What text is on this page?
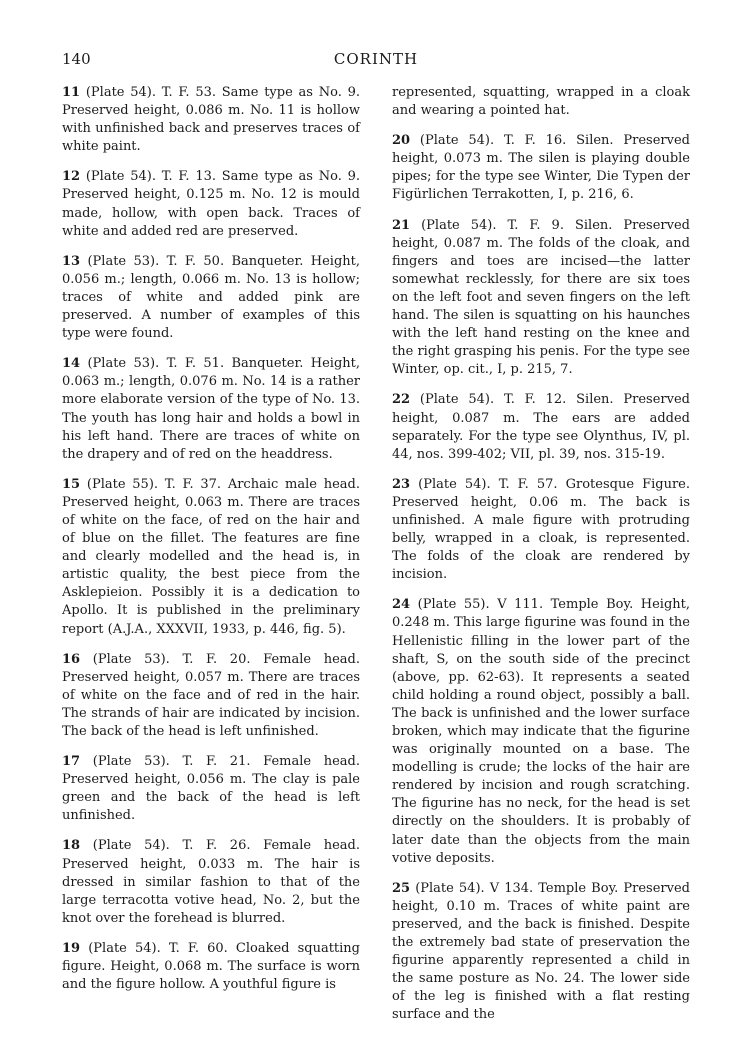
140	CORINTH

11 (Plate 54). T. F. 53. Same type as No. 9. Preserved height, 0.086 m. No. 11 is hollow with unfinished back and preserves traces of white paint.

12 (Plate 54). T. F. 13. Same type as No. 9. Preserved height, 0.125 m. No. 12 is mould made, hollow, with open back. Traces of white and added red are preserved.

13 (Plate 53). T. F. 50. Banqueter. Height, 0.056 m.; length, 0.066 m. No. 13 is hollow; traces of white and added pink are preserved. A number of examples of this type were found.

14 (Plate 53). T. F. 51. Banqueter. Height, 0.063 m.; length, 0.076 m. No. 14 is a rather more elaborate version of the type of No. 13. The youth has long hair and holds a bowl in his left hand. There are traces of white on the drapery and of red on the headdress.

15 (Plate 55). T. F. 37. Archaic male head. Preserved height, 0.063 m. There are traces of white on the face, of red on the hair and of blue on the fillet. The features are fine and clearly modelled and the head is, in artistic quality, the best piece from the Asklepieion. Possibly it is a dedication to Apollo. It is published in the preliminary report (A.J.A., XXXVII, 1933, p. 446, fig. 5).

16 (Plate 53). T. F. 20. Female head. Preserved height, 0.057 m. There are traces of white on the face and of red in the hair. The strands of hair are indicated by incision. The back of the head is left unfinished.

17 (Plate 53). T. F. 21. Female head. Preserved height, 0.056 m. The clay is pale green and the back of the head is left unfinished.

18 (Plate 54). T. F. 26. Female head. Preserved height, 0.033 m. The hair is dressed in similar fashion to that of the large terracotta votive head, No. 2, but the knot over the forehead is blurred.

19 (Plate 54). T. F. 60. Cloaked squatting figure. Height, 0.068 m. The surface is worn and the figure hollow. A youthful figure is

represented, squatting, wrapped in a cloak and wearing a pointed hat.

20 (Plate 54). T. F. 16. Silen. Preserved height, 0.073 m. The silen is playing double pipes; for the type see Winter, Die Typen der Figürlichen Terrakotten, I, p. 216, 6.

21 (Plate 54). T. F. 9. Silen. Preserved height, 0.087 m. The folds of the cloak, and fingers and toes are incised—the latter somewhat recklessly, for there are six toes on the left foot and seven fingers on the left hand. The silen is squatting on his haunches with the left hand resting on the knee and the right grasping his penis. For the type see Winter, op. cit., I, p. 215, 7.

22 (Plate 54). T. F. 12. Silen. Preserved height, 0.087 m. The ears are added separately. For the type see Olynthus, IV, pl. 44, nos. 399-402; VII, pl. 39, nos. 315-19.

23 (Plate 54). T. F. 57. Grotesque Figure. Preserved height, 0.06 m. The back is unfinished. A male figure with protruding belly, wrapped in a cloak, is represented. The folds of the cloak are rendered by incision.

24 (Plate 55). V 111. Temple Boy. Height, 0.248 m. This large figurine was found in the Hellenistic filling in the lower part of the shaft, S, on the south side of the precinct (above, pp. 62-63). It represents a seated child holding a round object, possibly a ball. The back is unfinished and the lower surface broken, which may indicate that the figurine was originally mounted on a base. The modelling is crude; the locks of the hair are rendered by incision and rough scratching. The figurine has no neck, for the head is set directly on the shoulders. It is probably of later date than the objects from the main votive deposits.

25 (Plate 54). V 134. Temple Boy. Preserved height, 0.10 m. Traces of white paint are preserved, and the back is finished. Despite the extremely bad state of preservation the figurine apparently represented a child in the same posture as No. 24. The lower side of the leg is finished with a flat resting surface and the
